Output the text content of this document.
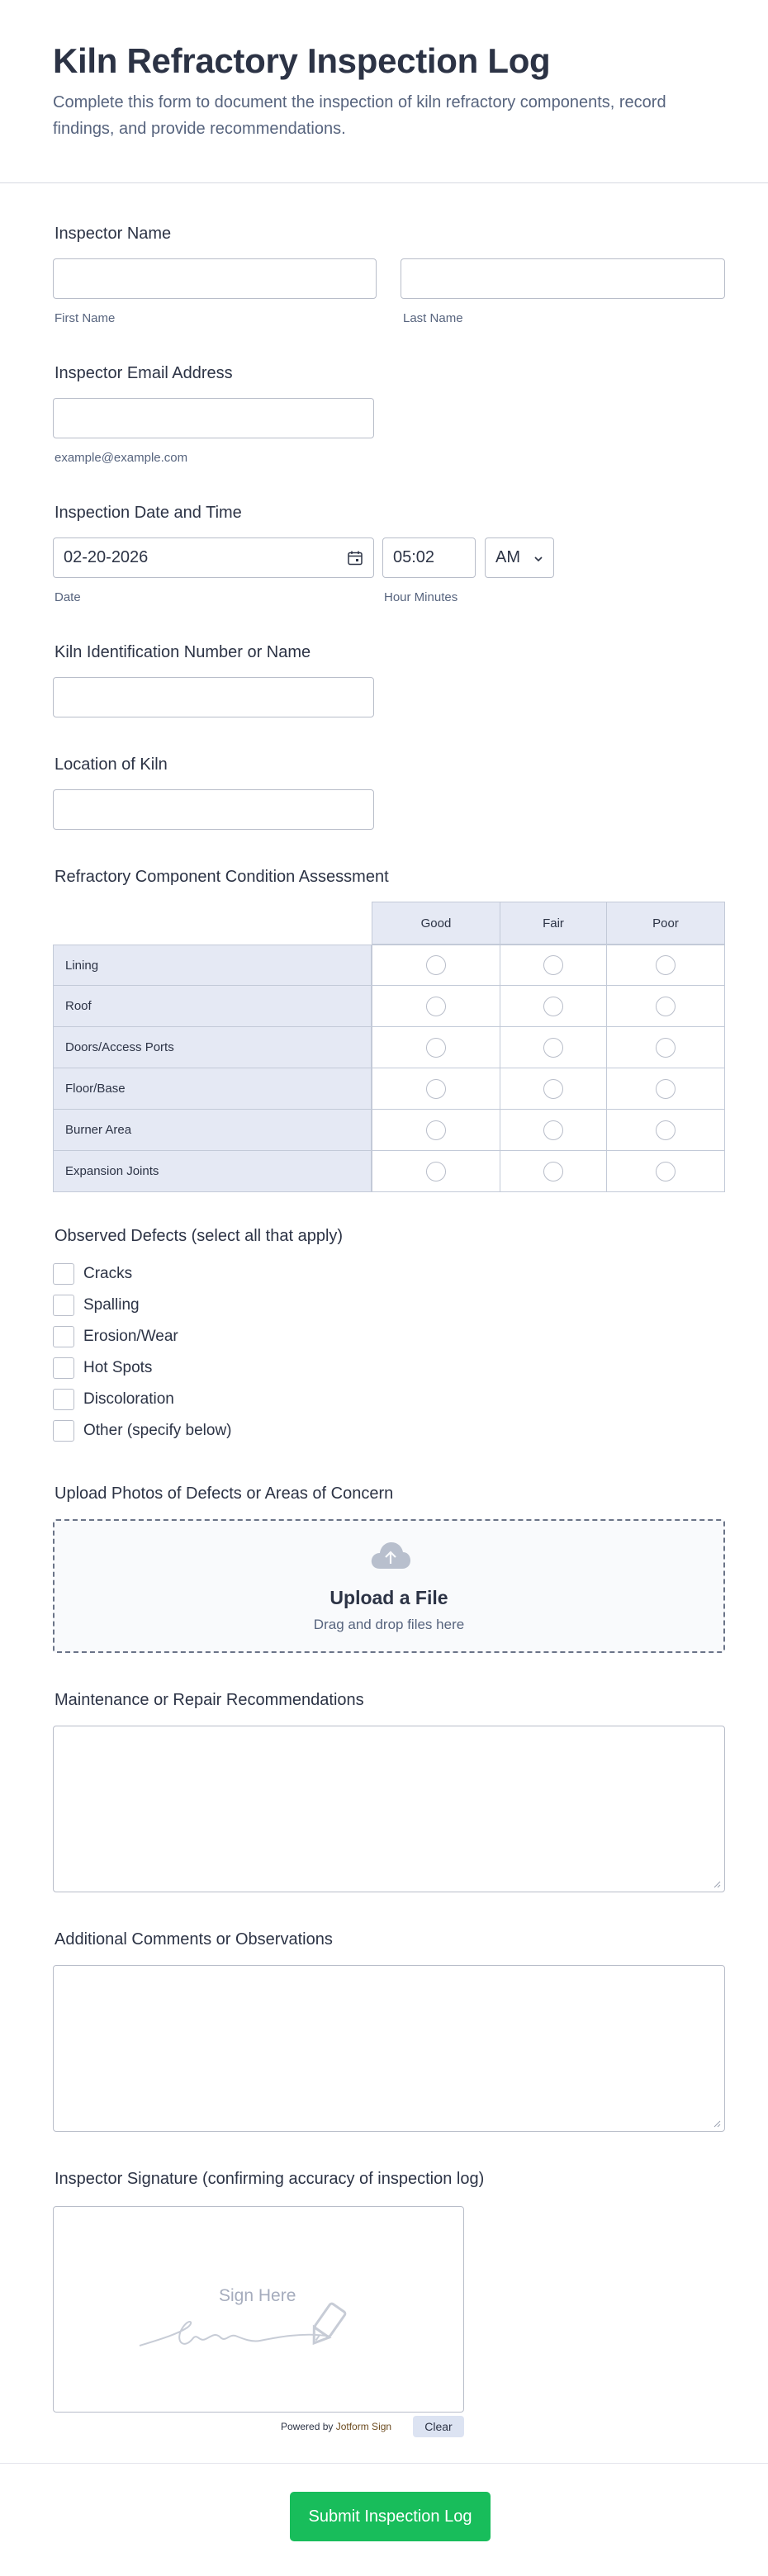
Kiln Refractory Inspection Log

Complete this form to document the inspection of kiln refractory components, record findings, and provide recommendations.

Inspector Name
First Name	Last Name
Inspector Email Address
example@example.com
Inspection Date and Time
02-20-2026	05:02	AM
Date	Hour Minutes
Kiln Identification Number or Name
Location of Kiln
Refractory Component Condition Assessment
Good	Fair	Poor
Lining
Roof
Doors/Access Ports
Floor/Base
Burner Area
Expansion Joints
Observed Defects (select all that apply)
Cracks
Spalling
Erosion/Wear
Hot Spots
Discoloration
Other (specify below)
Upload Photos of Defects or Areas of Concern
Upload a File
Drag and drop files here
Maintenance or Repair Recommendations
Additional Comments or Observations
Inspector Signature (confirming accuracy of inspection log)
Sign Here
Powered by Jotform Sign	Clear
Submit Inspection Log
